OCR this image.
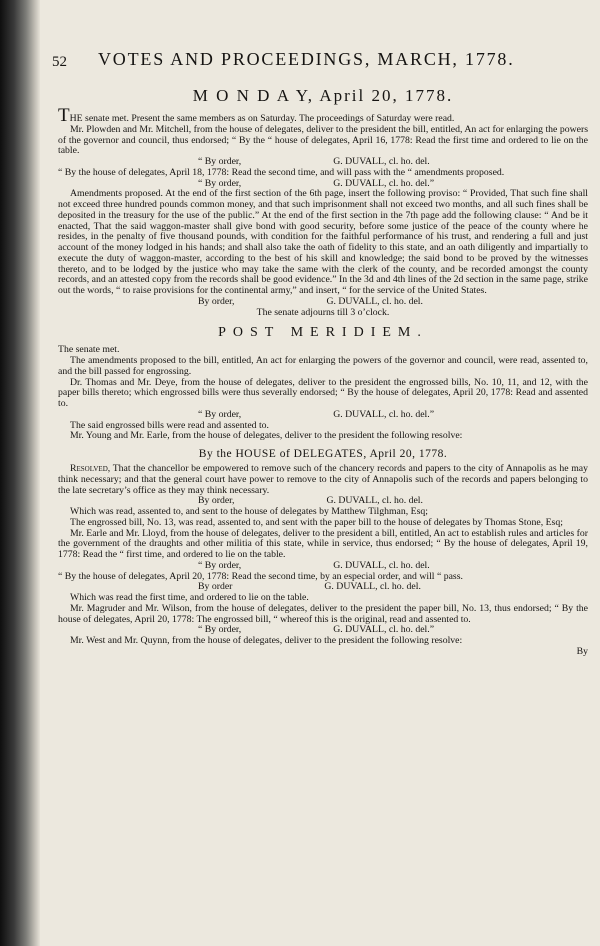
52 VOTES AND PROCEEDINGS, MARCH, 1778.
M O N D A Y, April 20, 1778.

THE senate met. Present the same members as on Saturday. The proceedings of Saturday were read.

Mr. Plowden and Mr. Mitchell, from the house of delegates, deliver to the president the bill, entitled, An act for enlarging the powers of the governor and council, thus endorsed; “ By the “ house of delegates, April 16, 1778: Read the first time and ordered to lie on the table.

“ By order,	G. DUVALL, cl. ho. del.

“ By the house of delegates, April 18, 1778: Read the second time, and will pass with the “ amendments proposed.

“ By order,	G. DUVALL, cl. ho. del.”

Amendments proposed. At the end of the first section of the 6th page, insert the following proviso: “ Provided, That such fine shall not exceed three hundred pounds common money, and that such imprisonment shall not exceed two months, and all such fines shall be deposited in the treasury for the use of the public.” At the end of the first section in the 7th page add the following clause: “ And be it enacted, That the said waggon-master shall give bond with good security, before some justice of the peace of the county where he resides, in the penalty of five thousand pounds, with condition for the faithful performance of his trust, and rendering a full and just account of the money lodged in his hands; and shall also take the oath of fidelity to this state, and an oath diligently and impartially to execute the duty of waggon-master, according to the best of his skill and knowledge; the said bond to be proved by the witnesses thereto, and to be lodged by the justice who may take the same with the clerk of the county, and be recorded amongst the county records, and an attested copy from the records shall be good evidence.” In the 3d and 4th lines of the 2d section in the same page, strike out the words, “ to raise provisions for the continental army,” and insert, “ for the service of the United States.

By order,	G. DUVALL, cl. ho. del.

The senate adjourns till 3 o’clock.

POST MERIDIEM.

The senate met.

The amendments proposed to the bill, entitled, An act for enlarging the powers of the governor and council, were read, assented to, and the bill passed for engrossing.

Dr. Thomas and Mr. Deye, from the house of delegates, deliver to the president the engrossed bills, No. 10, 11, and 12, with the paper bills thereto; which engrossed bills were thus severally endorsed; “ By the house of delegates, April 20, 1778: Read and assented to.

“ By order,	G. DUVALL, cl. ho. del.”

The said engrossed bills were read and assented to.

Mr. Young and Mr. Earle, from the house of delegates, deliver to the president the following resolve:

By the HOUSE of DELEGATES, April 20, 1778.

Resolved, That the chancellor be empowered to remove such of the chancery records and papers to the city of Annapolis as he may think necessary; and that the general court have power to remove to the city of Annapolis such of the records and papers belonging to the late secretary’s office as they may think necessary.

By order,	G. DUVALL, cl. ho. del.

Which was read, assented to, and sent to the house of delegates by Matthew Tilghman, Esq;

The engrossed bill, No. 13, was read, assented to, and sent with the paper bill to the house of delegates by Thomas Stone, Esq;

Mr. Earle and Mr. Lloyd, from the house of delegates, deliver to the president a bill, entitled, An act to establish rules and articles for the government of the draughts and other militia of this state, while in service, thus endorsed; “ By the house of delegates, April 19, 1778: Read the “ first time, and ordered to lie on the table.

“ By order,	G. DUVALL, cl. ho. del.

“ By the house of delegates, April 20, 1778: Read the second time, by an especial order, and will “ pass.

By order	G. DUVALL, cl. ho. del.

Which was read the first time, and ordered to lie on the table.

Mr. Magruder and Mr. Wilson, from the house of delegates, deliver to the president the paper bill, No. 13, thus endorsed; “ By the house of delegates, April 20, 1778: The engrossed bill, “ whereof this is the original, read and assented to.

“ By order,	G. DUVALL, cl. ho. del.”

Mr. West and Mr. Quynn, from the house of delegates, deliver to the president the following resolve:

By
